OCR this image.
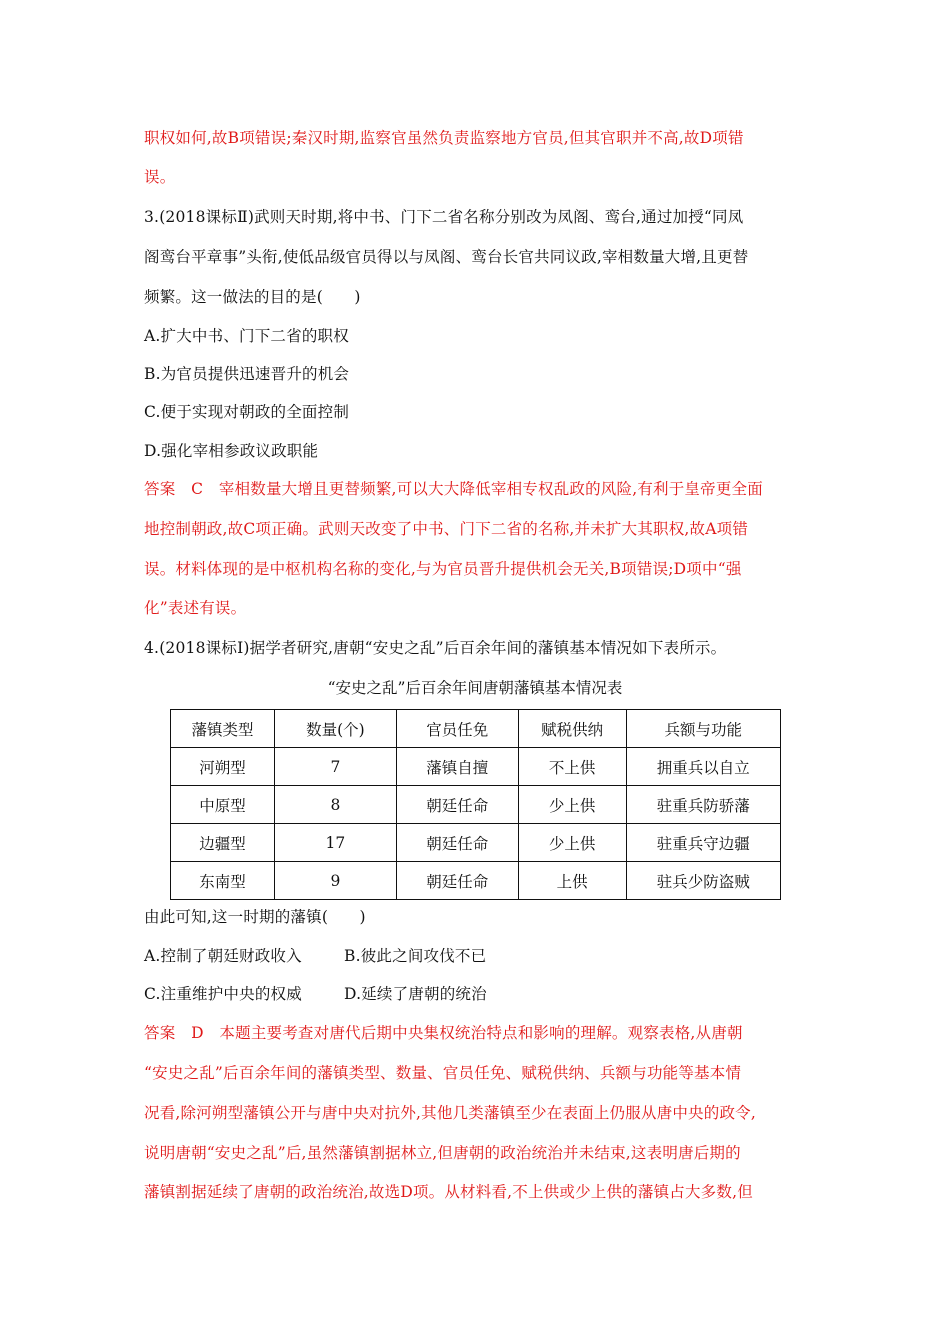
职权如何,故B项错误;秦汉时期,监察官虽然负责监察地方官员,但其官职并不高,故D项错
误。
3.(2018课标Ⅱ)武则天时期,将中书、门下二省名称分别改为凤阁、鸾台,通过加授“同凤
阁鸾台平章事”头衔,使低品级官员得以与凤阁、鸾台长官共同议政,宰相数量大增,且更替
频繁。这一做法的目的是(　　)
A.扩大中书、门下二省的职权
B.为官员提供迅速晋升的机会
C.便于实现对朝政的全面控制
D.强化宰相参政议政职能
答案　C　宰相数量大增且更替频繁,可以大大降低宰相专权乱政的风险,有利于皇帝更全面
地控制朝政,故C项正确。武则天改变了中书、门下二省的名称,并未扩大其职权,故A项错
误。材料体现的是中枢机构名称的变化,与为官员晋升提供机会无关,B项错误;D项中“强
化”表述有误。
4.(2018课标Ⅰ)据学者研究,唐朝“安史之乱”后百余年间的藩镇基本情况如下表所示。
“安史之乱”后百余年间唐朝藩镇基本情况表
藩镇类型	数量(个)	官员任免	赋税供纳	兵额与功能
河朔型	7	藩镇自擅	不上供	拥重兵以自立
中原型	8	朝廷任命	少上供	驻重兵防骄藩
边疆型	17	朝廷任命	少上供	驻重兵守边疆
东南型	9	朝廷任命	上供	驻兵少防盗贼
由此可知,这一时期的藩镇(　　)
A.控制了朝廷财政收入	B.彼此之间攻伐不已
C.注重维护中央的权威	D.延续了唐朝的统治
答案　D　本题主要考查对唐代后期中央集权统治特点和影响的理解。观察表格,从唐朝
“安史之乱”后百余年间的藩镇类型、数量、官员任免、赋税供纳、兵额与功能等基本情
况看,除河朔型藩镇公开与唐中央对抗外,其他几类藩镇至少在表面上仍服从唐中央的政令,
说明唐朝“安史之乱”后,虽然藩镇割据林立,但唐朝的政治统治并未结束,这表明唐后期的
藩镇割据延续了唐朝的政治统治,故选D项。从材料看,不上供或少上供的藩镇占大多数,但
